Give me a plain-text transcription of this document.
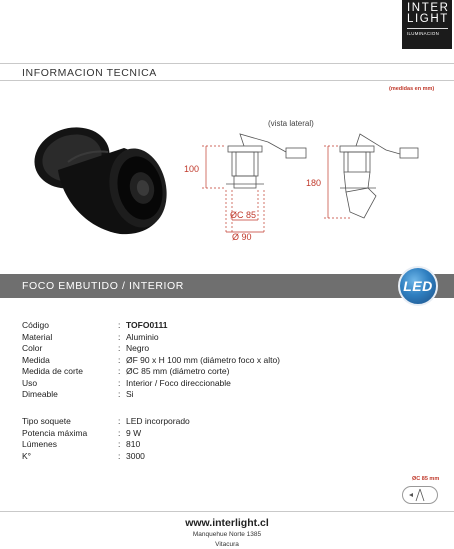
INTER
LIGHT
ILUMINACION
INFORMACION TECNICA
(medidas en mm)
100
ØC 85
Ø 90
(vista lateral)
180
FOCO EMBUTIDO / INTERIOR	LED
Código	: TOFO0111
Material	: Aluminio
Color	: Negro
Medida	: ØF 90 x H 100 mm (diámetro foco x alto)
Medida de corte	: ØC 85 mm (diámetro corte)
Uso	: Interior / Foco direccionable
Dimeable	: Si
Tipo soquete	: LED incorporado
Potencia máxima	: 9 W
Lúmenes	: 810
K°	: 3000
ØC 85 mm
www.interlight.cl
Manquehue Norte 1385
Vitacura
